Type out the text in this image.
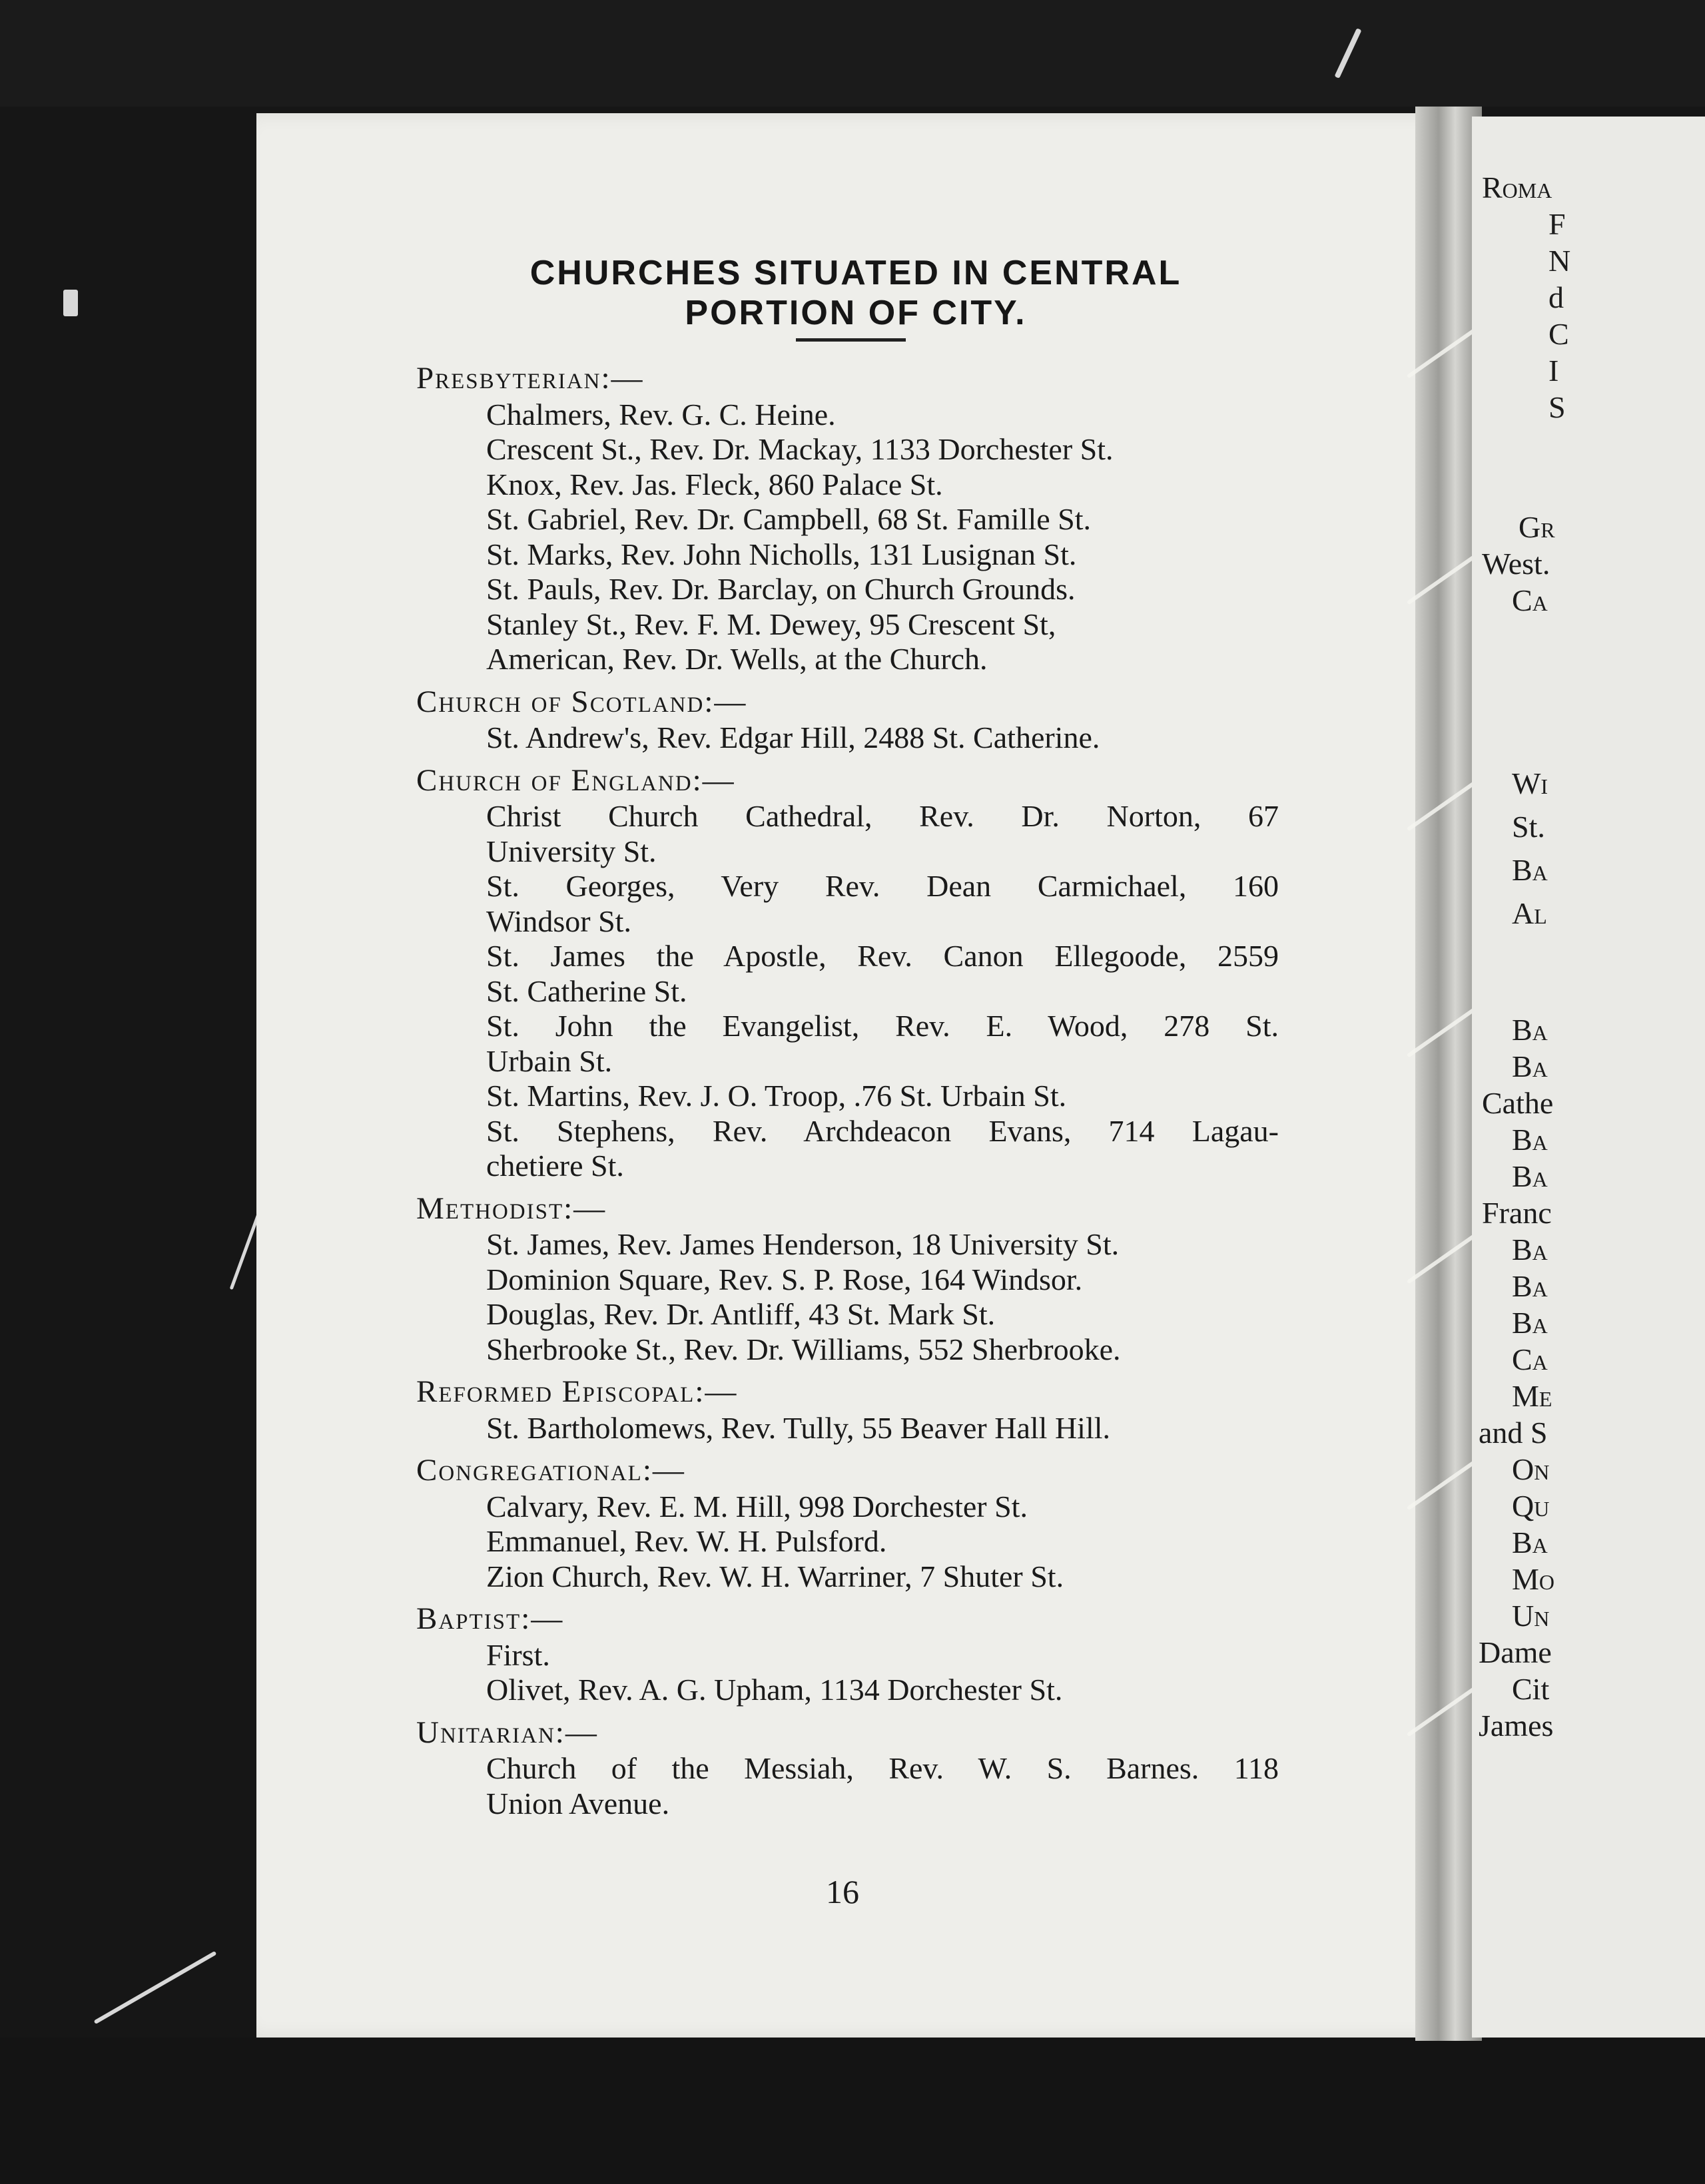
CHURCHES SITUATED IN CENTRAL
PORTION OF CITY.
Presbyterian:—
Chalmers, Rev. G. C. Heine.
Crescent St., Rev. Dr. Mackay, 1133 Dorchester St.
Knox, Rev. Jas. Fleck, 860 Palace St.
St. Gabriel, Rev. Dr. Campbell, 68 St. Famille St.
St. Marks, Rev. John Nicholls, 131 Lusignan St.
St. Pauls, Rev. Dr. Barclay, on Church Grounds.
Stanley St., Rev. F. M. Dewey, 95 Crescent St,
American, Rev. Dr. Wells, at the Church.
Church of Scotland:—
St. Andrew's, Rev. Edgar Hill, 2488 St. Catherine.
Church of England:—
Christ Church Cathedral, Rev. Dr. Norton, 67
University St.
St. Georges, Very Rev. Dean Carmichael, 160
Windsor St.
St. James the Apostle, Rev. Canon Ellegoode, 2559
St. Catherine St.
St. John the Evangelist, Rev. E. Wood, 278 St.
Urbain St.
St. Martins, Rev. J. O. Troop, .76 St. Urbain St.
St. Stephens, Rev. Archdeacon Evans, 714 Lagau-
chetiere St.
Methodist:—
St. James, Rev. James Henderson, 18 University St.
Dominion Square, Rev. S. P. Rose, 164 Windsor.
Douglas, Rev. Dr. Antliff, 43 St. Mark St.
Sherbrooke St., Rev. Dr. Williams, 552 Sherbrooke.
Reformed Episcopal:—
St. Bartholomews, Rev. Tully, 55 Beaver Hall Hill.
Congregational:—
Calvary, Rev. E. M. Hill, 998 Dorchester St.
Emmanuel, Rev. W. H. Pulsford.
Zion Church, Rev. W. H. Warriner, 7 Shuter St.
Baptist:—
First.
Olivet, Rev. A. G. Upham, 1134 Dorchester St.
Unitarian:—
Church of the Messiah, Rev. W. S. Barnes. 118
Union Avenue.
16
Roma
F
N
d
C
I
S
Gr
West.
Ca
Wi
St.
Ba
Al
Ba
Ba
Cathe
Ba
Ba
Franc
Ba
Ba
Ba
Ca
Me
and S
On
Qu
Ba
Mo
Un
Dame
Cit
James
